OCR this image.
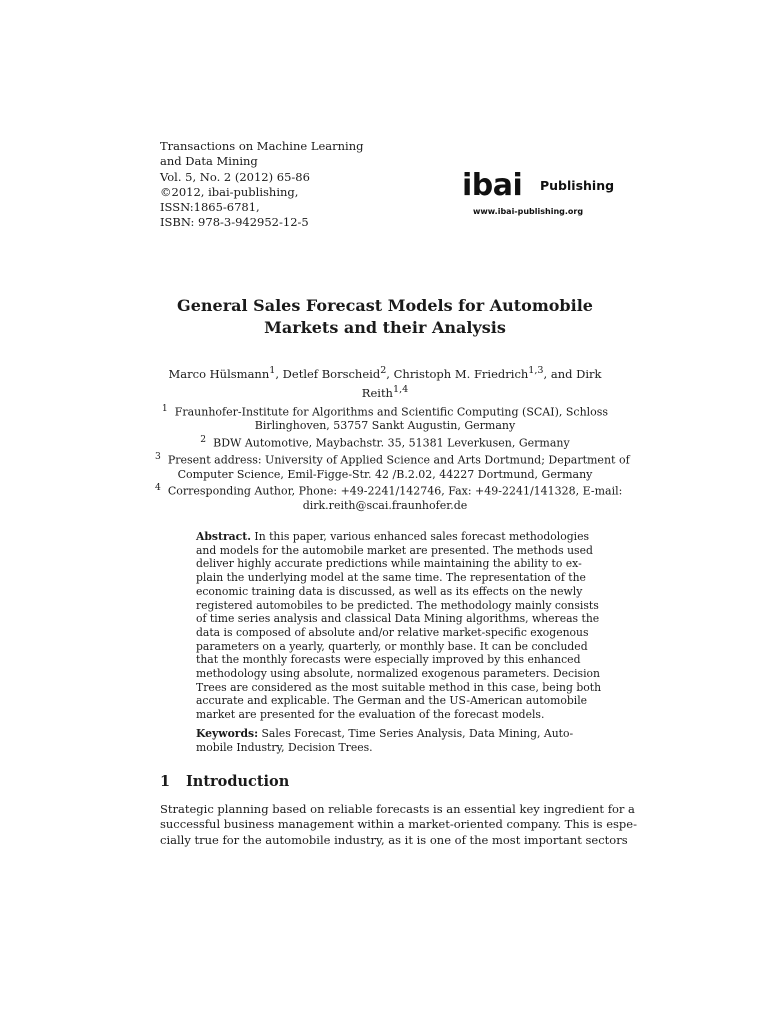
Transactions on Machine Learning
and Data Mining
Vol. 5, No. 2 (2012) 65-86
©2012, ibai-publishing,
ISSN:1865-6781,
ISBN: 978-3-942952-12-5
ibai Publishing
www.ibai-publishing.org
General Sales Forecast Models for Automobile
Markets and their Analysis
Marco Hülsmann$^1$, Detlef Borscheid$^2$, Christoph M. Friedrich$^{1,3}$, and Dirk
Reith$^{1,4}$
$^1$ Fraunhofer-Institute for Algorithms and Scientific Computing (SCAI), Schloss
Birlinghoven, 53757 Sankt Augustin, Germany
$^2$ BDW Automotive, Maybachstr. 35, 51381 Leverkusen, Germany
$^3$ Present address: University of Applied Science and Arts Dortmund; Department of
Computer Science, Emil-Figge-Str. 42 /B.2.02, 44227 Dortmund, Germany
$^4$ Corresponding Author, Phone: +49-2241/142746, Fax: +49-2241/141328, E-mail:
dirk.reith@scai.fraunhofer.de
Abstract. In this paper, various enhanced sales forecast methodologies
and models for the automobile market are presented. The methods used
deliver highly accurate predictions while maintaining the ability to ex-
plain the underlying model at the same time. The representation of the
economic training data is discussed, as well as its effects on the newly
registered automobiles to be predicted. The methodology mainly consists
of time series analysis and classical Data Mining algorithms, whereas the
data is composed of absolute and/or relative market-specific exogenous
parameters on a yearly, quarterly, or monthly base. It can be concluded
that the monthly forecasts were especially improved by this enhanced
methodology using absolute, normalized exogenous parameters. Decision
Trees are considered as the most suitable method in this case, being both
accurate and explicable. The German and the US-American automobile
market are presented for the evaluation of the forecast models.
Keywords: Sales Forecast, Time Series Analysis, Data Mining, Auto-
mobile Industry, Decision Trees.
1 Introduction
Strategic planning based on reliable forecasts is an essential key ingredient for a
successful business management within a market-oriented company. This is espe-
cially true for the automobile industry, as it is one of the most important sectors
